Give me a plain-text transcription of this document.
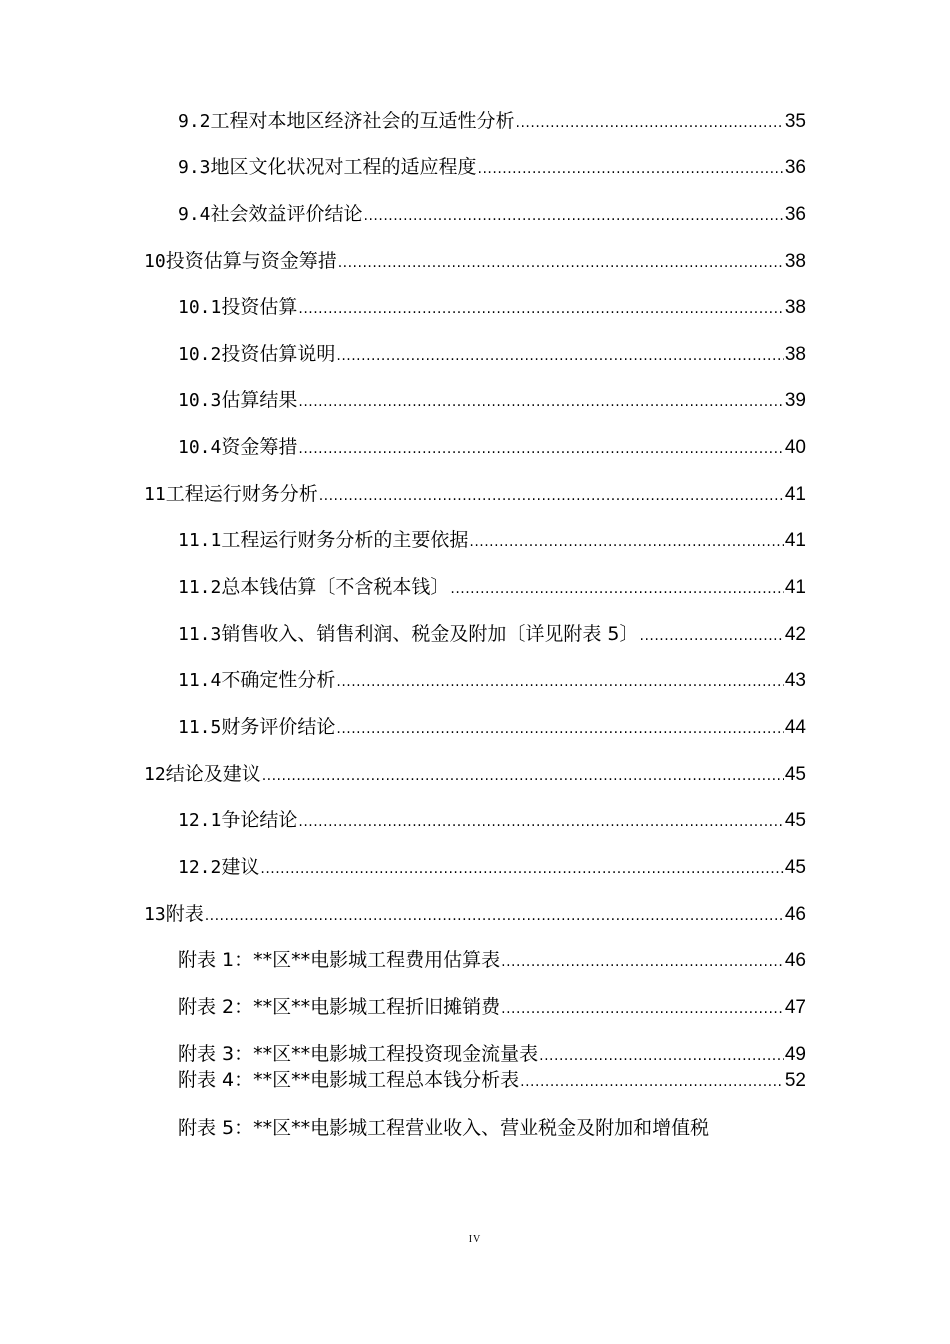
9.2 工程对本地区经济社会的互适性分析 .....	35
9.3 地区文化状况对工程的适应程度 .....	36
9.4 社会效益评价结论 .....	36
10 投资估算与资金筹措 .....	38
10.1 投资估算 .....	38
10.2 投资估算说明 .....	38
10.3 估算结果 .....	39
10.4 资金筹措 .....	40
11 工程运行财务分析 .....	41
11.1 工程运行财务分析的主要依据 .....	41
11.2 总本钱估算〔不含税本钱〕 .....	41
11.3 销售收入、销售利润、税金及附加〔详见附表 5〕 .....	42
11.4 不确定性分析 .....	43
11.5 财务评价结论 .....	44
12 结论及建议 .....	45
12.1 争论结论 .....	45
12.2 建议 .....	45
13 附表 .....	46
附表 1：**区**电影城工程费用估算表 .....	46
附表 2：**区**电影城工程折旧摊销费 .....	47
附表 3：**区**电影城工程投资现金流量表 .....	49
附表 4：**区**电影城工程总本钱分析表 .....	52
附表 5：**区**电影城工程营业收入、营业税金及附加和增值税
IV
